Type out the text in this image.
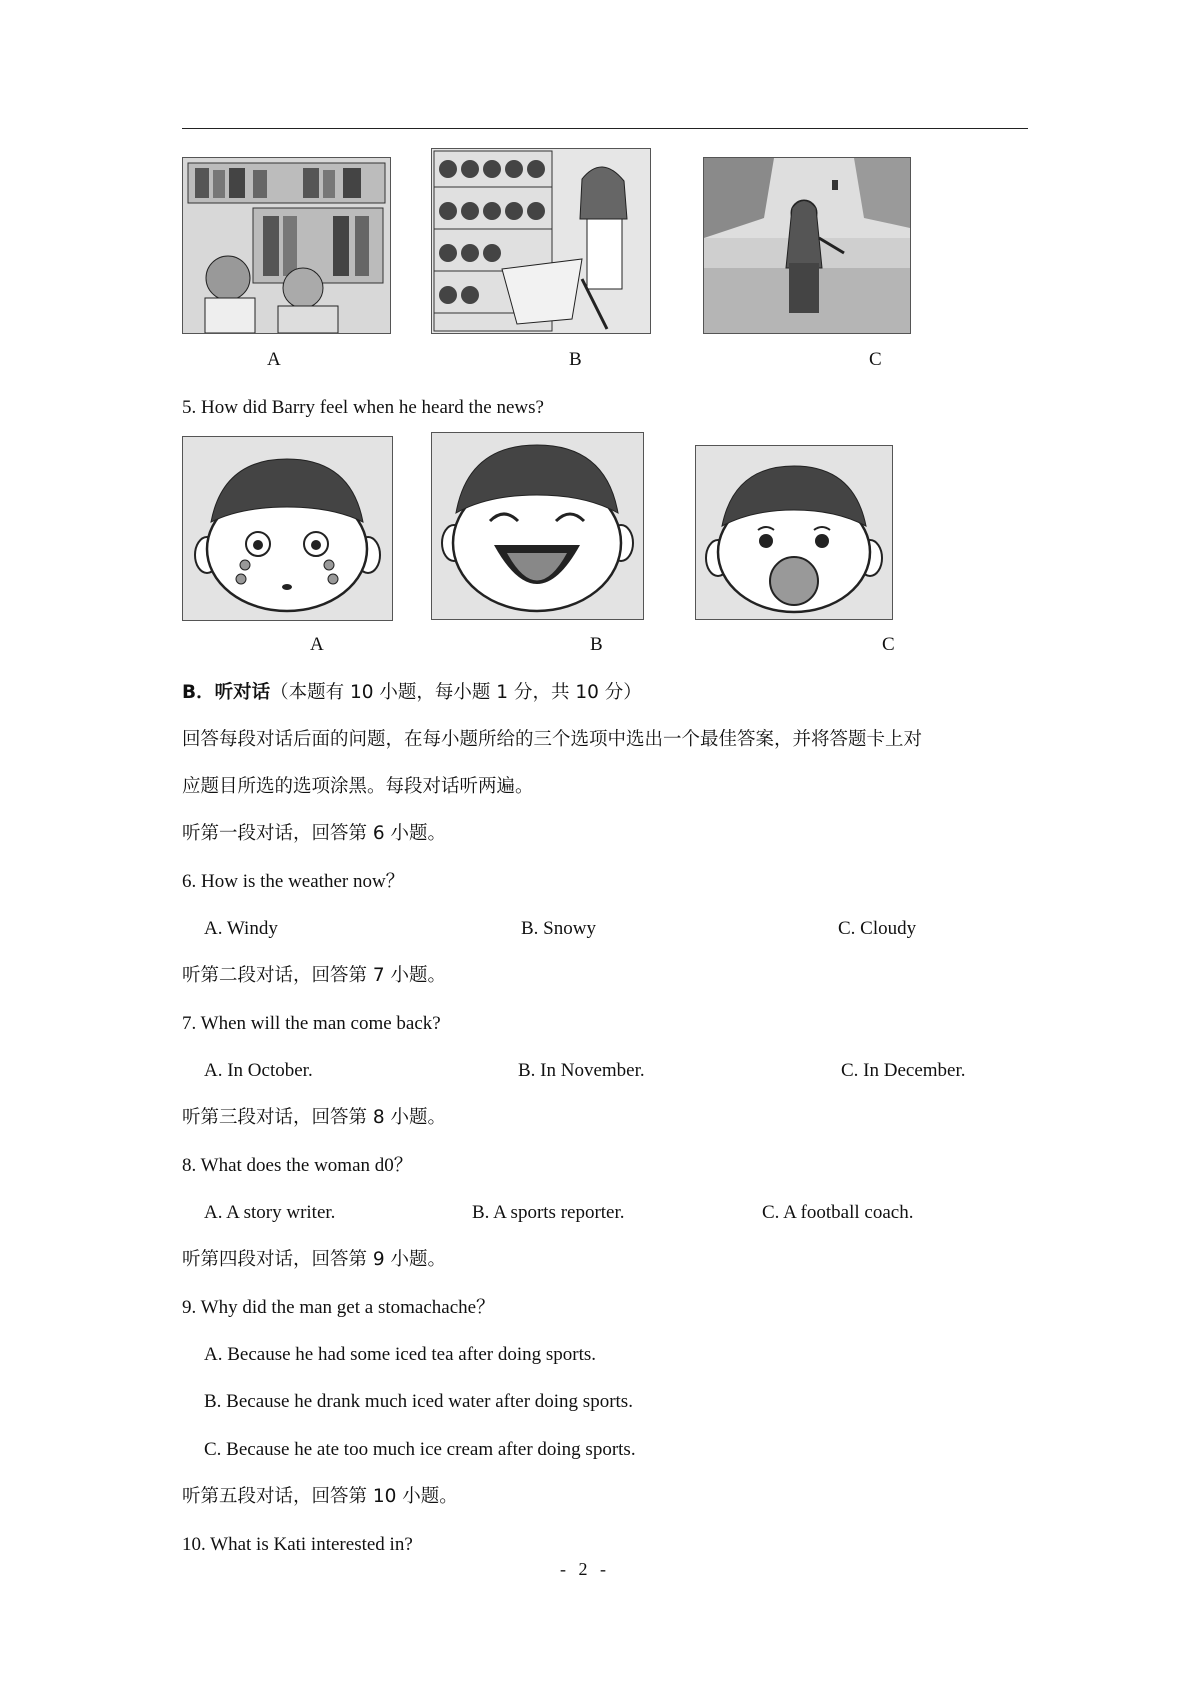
A	B	C
5. How did Barry feel when he heard the news?
A	B	C
B．听对话（本题有 10 小题，每小题 1 分，共 10 分）
回答每段对话后面的问题，在每小题所给的三个选项中选出一个最佳答案，并将答题卡上对
应题目所选的选项涂黑。每段对话听两遍。
听第一段对话，回答第 6 小题。
6. How is the weather now？
A. Windy	B. Snowy	C. Cloudy
听第二段对话，回答第 7 小题。
7. When will the man come back?
A. In October.	B. In November.	C. In December.
听第三段对话，回答第 8 小题。
8. What does the woman d0？
A. A story writer.	B. A sports reporter.	C. A football coach.
听第四段对话，回答第 9 小题。
9. Why did the man get a stomachache？
A. Because he had some iced tea after doing sports.
B. Because he drank much iced water after doing sports.
C. Because he ate too much ice cream after doing sports.
听第五段对话，回答第 10 小题。
10. What is Kati interested in?
- 2 -
